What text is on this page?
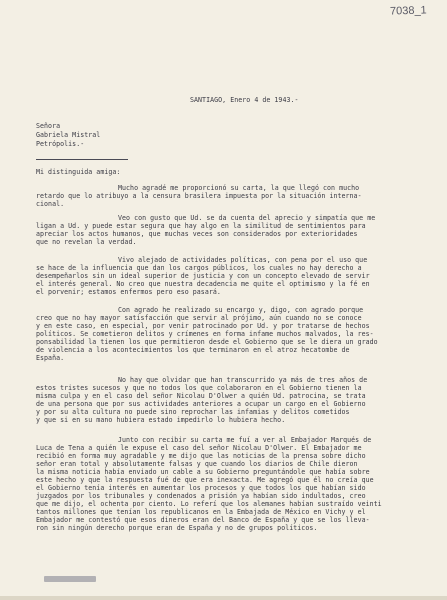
7038_1
SANTIAGO, Enero 4 de 1943.-
Señora
Gabriela Mistral
Petrópolis.-
Mi distinguida amiga:
Mucho agradé me proporcionó su carta, la que llegó con mucho
retardo que lo atribuyo a la censura brasilera impuesta por la situación interna-
cional.
Veo con gusto que Ud. se da cuenta del aprecio y simpatía que me
ligan a Ud. y puede estar segura que hay algo en la similitud de sentimientos para
apreciar los actos humanos, que muchas veces son considerados por exterioridades
que no revelan la verdad.
Vivo alejado de actividades políticas, con pena por el uso que
se hace de la influencia que dan los cargos públicos, los cuales no hay derecho a
desempeñarlos sin un ideal superior de justicia y con un concepto elevado de servir
el interés general. No creo que nuestra decadencia me quite el optimismo y la fé en
el porvenir; estamos enfermos pero eso pasará.
Con agrado he realizado su encargo y, digo, con agrado porque
creo que no hay mayor satisfacción que servir al prójimo, aún cuando no se conoce
y en este caso, en especial, por venir patrocinado por Ud. y por tratarse de hechos
políticos. Se cometieron delitos y crímenes en forma infame muchos malvados, la res-
ponsabilidad la tienen los que permitieron desde el Gobierno que se le diera un grado
de violencia a los acontecimientos los que terminaron en el atroz hecatombe de
España.
No hay que olvidar que han transcurrido ya más de tres años de
estos tristes sucesos y que no todos los que colaboraron en el Gobierno tienen la
misma culpa y en el caso del señor Nicolau D'Olwer a quién Ud. patrocina, se trata
de una persona que por sus actividades anteriores a ocupar un cargo en el Gobierno
y por su alta cultura no puede sino reprochar las infamias y delitos cometidos
y que si en su mano hubiera estado impedirlo lo hubiera hecho.
Junto con recibir su carta me fuí a ver al Embajador Marqués de
Luca de Tena a quién le expuse el caso del señor Nicolau D'Olwer. El Embajador me
recibió en forma muy agradable y me dijo que las noticias de la prensa sobre dicho
señor eran total y absolutamente falsas y que cuando los diarios de Chile dieron
la misma noticia había enviado un cable a su Gobierno preguntándole que había sobre
este hecho y que la respuesta fué de que era inexacta. Me agregó que él no creía que
el Gobierno tenía interés en aumentar los procesos y que todos los que habían sido
juzgados por los tribunales y condenados a prisión ya habían sido indultados, creo
que me dijo, el ochenta por ciento. Lo referí que los alemanes habían sustraído veinti
tantos millones que tenían los republicanos en la Embajada de México en Vichy y el
Embajador me contestó que esos dineros eran del Banco de España y que se los lleva-
ron sin ningún derecho porque eran de España y no de grupos políticos.
